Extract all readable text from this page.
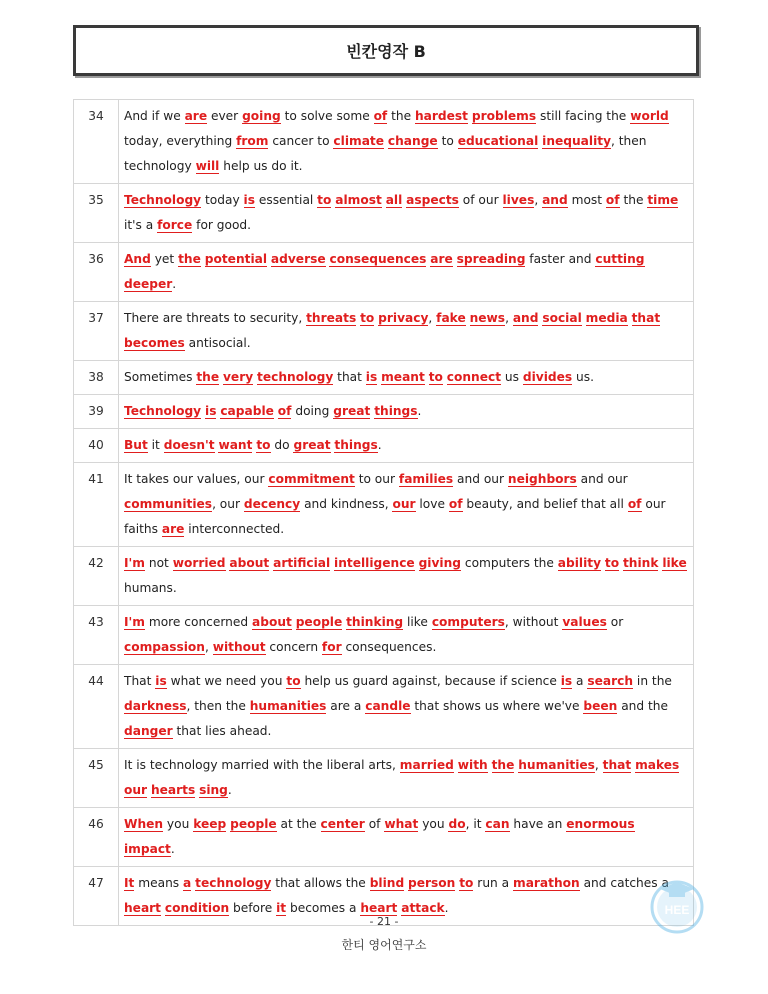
빈칸영작 B
34	And if we are ever going to solve some of the hardest problems still facing the world today, everything from cancer to climate change to educational inequality, then technology will help us do it.
35	Technology today is essential to almost all aspects of our lives, and most of the time it's a force for good.
36	And yet the potential adverse consequences are spreading faster and cutting deeper.
37	There are threats to security, threats to privacy, fake news, and social media that becomes antisocial.
38	Sometimes the very technology that is meant to connect us divides us.
39	Technology is capable of doing great things.
40	But it doesn't want to do great things.
41	It takes our values, our commitment to our families and our neighbors and our communities, our decency and kindness, our love of beauty, and belief that all of our faiths are interconnected.
42	I'm not worried about artificial intelligence giving computers the ability to think like humans.
43	I'm more concerned about people thinking like computers, without values or compassion, without concern for consequences.
44	That is what we need you to help us guard against, because if science is a search in the darkness, then the humanities are a candle that shows us where we've been and the danger that lies ahead.
45	It is technology married with the liberal arts, married with the humanities, that makes our hearts sing.
46	When you keep people at the center of what you do, it can have an enormous impact.
47	It means a technology that allows the blind person to run a marathon and catches a heart condition before it becomes a heart attack.
- 21 -
한티 영어연구소
HEE
